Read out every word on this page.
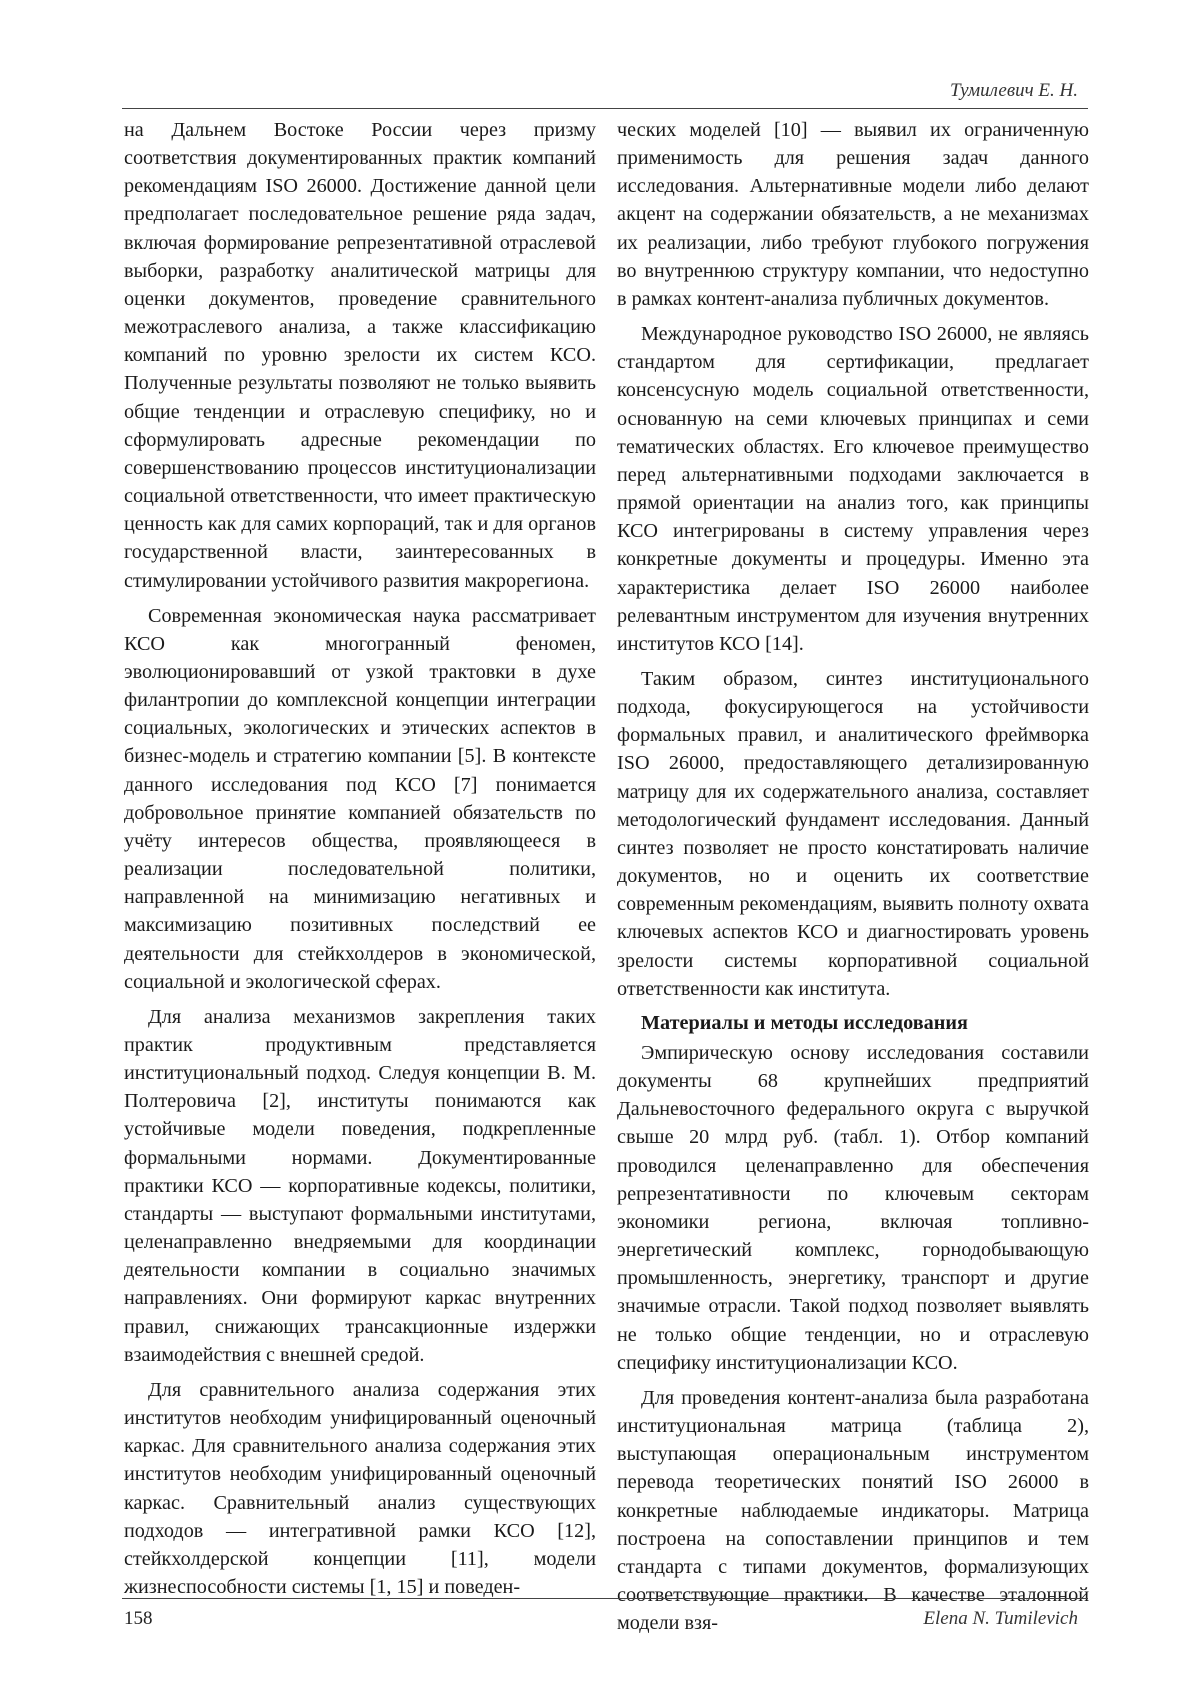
Тумилевич Е. Н.

на Дальнем Востоке России через призму соответствия документированных практик компаний рекомендациям ISO 26000. Достижение данной цели предполагает последовательное решение ряда задач, включая формирование репрезентативной отраслевой выборки, разработку аналитической матрицы для оценки документов, проведение сравнительного межотраслевого анализа, а также классификацию компаний по уровню зрелости их систем КСО. Полученные результаты позволяют не только выявить общие тенденции и отраслевую специфику, но и сформулировать адресные рекомендации по совершенствованию процессов институционализации социальной ответственности, что имеет практическую ценность как для самих корпораций, так и для органов государственной власти, заинтересованных в стимулировании устойчивого развития макрорегиона.

Современная экономическая наука рассматривает КСО как многогранный феномен, эволюционировавший от узкой трактовки в духе филантропии до комплексной концепции интеграции социальных, экологических и этических аспектов в бизнес-модель и стратегию компании [5]. В контексте данного исследования под КСО [7] понимается добровольное принятие компанией обязательств по учёту интересов общества, проявляющееся в реализации последовательной политики, направленной на минимизацию негативных и максимизацию позитивных последствий ее деятельности для стейкхолдеров в экономической, социальной и экологической сферах.

Для анализа механизмов закрепления таких практик продуктивным представляется институциональный подход. Следуя концепции В. М. Полтеровича [2], институты понимаются как устойчивые модели поведения, подкрепленные формальными нормами. Документированные практики КСО — корпоративные кодексы, политики, стандарты — выступают формальными институтами, целенаправленно внедряемыми для координации деятельности компании в социально значимых направлениях. Они формируют каркас внутренних правил, снижающих трансакционные издержки взаимодействия с внешней средой.

Для сравнительного анализа содержания этих институтов необходим унифицированный оценочный каркас. Для сравнительного анализа содержания этих институтов необходим унифицированный оценочный каркас. Сравнительный анализ существующих подходов — интегративной рамки КСО [12], стейкхолдерской концепции [11], модели жизнеспособности системы [1, 15] и поведен-

ческих моделей [10] — выявил их ограниченную применимость для решения задач данного исследования. Альтернативные модели либо делают акцент на содержании обязательств, а не механизмах их реализации, либо требуют глубокого погружения во внутреннюю структуру компании, что недоступно в рамках контент-анализа публичных документов.

Международное руководство ISO 26000, не являясь стандартом для сертификации, предлагает консенсусную модель социальной ответственности, основанную на семи ключевых принципах и семи тематических областях. Его ключевое преимущество перед альтернативными подходами заключается в прямой ориентации на анализ того, как принципы КСО интегрированы в систему управления через конкретные документы и процедуры. Именно эта характеристика делает ISO 26000 наиболее релевантным инструментом для изучения внутренних институтов КСО [14].

Таким образом, синтез институционального подхода, фокусирующегося на устойчивости формальных правил, и аналитического фреймворка ISO 26000, предоставляющего детализированную матрицу для их содержательного анализа, составляет методологический фундамент исследования. Данный синтез позволяет не просто констатировать наличие документов, но и оценить их соответствие современным рекомендациям, выявить полноту охвата ключевых аспектов КСО и диагностировать уровень зрелости системы корпоративной социальной ответственности как института.

Материалы и методы исследования

Эмпирическую основу исследования составили документы 68 крупнейших предприятий Дальневосточного федерального округа с выручкой свыше 20 млрд руб. (табл. 1). Отбор компаний проводился целенаправленно для обеспечения репрезентативности по ключевым секторам экономики региона, включая топливно-энергетический комплекс, горнодобывающую промышленность, энергетику, транспорт и другие значимые отрасли. Такой подход позволяет выявлять не только общие тенденции, но и отраслевую специфику институционализации КСО.

Для проведения контент-анализа была разработана институциональная матрица (таблица 2), выступающая операциональным инструментом перевода теоретических понятий ISO 26000 в конкретные наблюдаемые индикаторы. Матрица построена на сопоставлении принципов и тем стандарта с типами документов, формализующих соответствующие практики. В качестве эталонной модели взя-

158	Elena N. Tumilevich
